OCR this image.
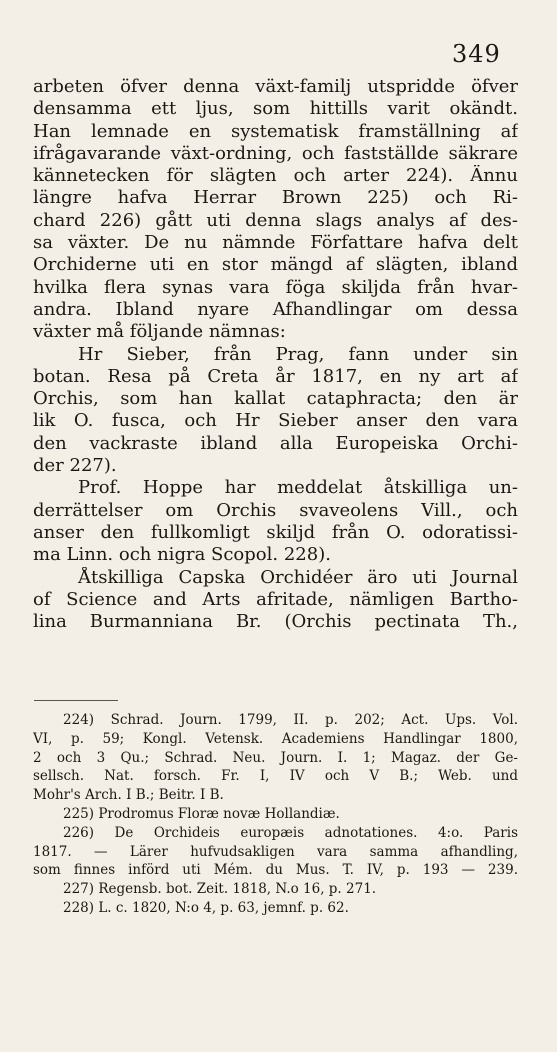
349
arbeten öfver denna växt-familj utspridde öfver
densamma ett ljus, som hittills varit okändt.
Han lemnade en systematisk framställning af
ifrågavarande växt-ordning, och fastställde säkrare
kännetecken för slägten och arter 224). Ännu
längre hafva Herrar Brown 225) och Ri-
chard 226) gått uti denna slags analys af des-
sa växter. De nu nämnde Författare hafva delt
Orchiderne uti en stor mängd af slägten, ibland
hvilka flera synas vara föga skiljda från hvar-
andra. Ibland nyare Afhandlingar om dessa
växter må följande nämnas:
Hr Sieber, från Prag, fann under sin
botan. Resa på Creta år 1817, en ny art af
Orchis, som han kallat cataphracta; den är
lik O. fusca, och Hr Sieber anser den vara
den vackraste ibland alla Europeiska Orchi-
der 227).
Prof. Hoppe har meddelat åtskilliga un-
derrättelser om Orchis svaveolens Vill., och
anser den fullkomligt skiljd från O. odoratissi-
ma Linn. och nigra Scopol. 228).
Åtskilliga Capska Orchidéer äro uti Journal
of Science and Arts afritade, nämligen Bartho-
lina Burmanniana Br. (Orchis pectinata Th.,
224) Schrad. Journ. 1799, II. p. 202; Act. Ups. Vol.
VI, p. 59; Kongl. Vetensk. Academiens Handlingar 1800,
2 och 3 Qu.; Schrad. Neu. Journ. I. 1; Magaz. der Ge-
sellsch. Nat. forsch. Fr. I, IV och V B.; Web. und
Mohr's Arch. I B.; Beitr. I B.
225) Prodromus Floræ novæ Hollandiæ.
226) De Orchideis europæis adnotationes. 4:o. Paris
1817. — Lärer hufvudsakligen vara samma afhandling,
som finnes införd uti Mém. du Mus. T. IV, p. 193 — 239.
227) Regensb. bot. Zeit. 1818, N.o 16, p. 271.
228) L. c. 1820, N:o 4, p. 63, jemnf. p. 62.
